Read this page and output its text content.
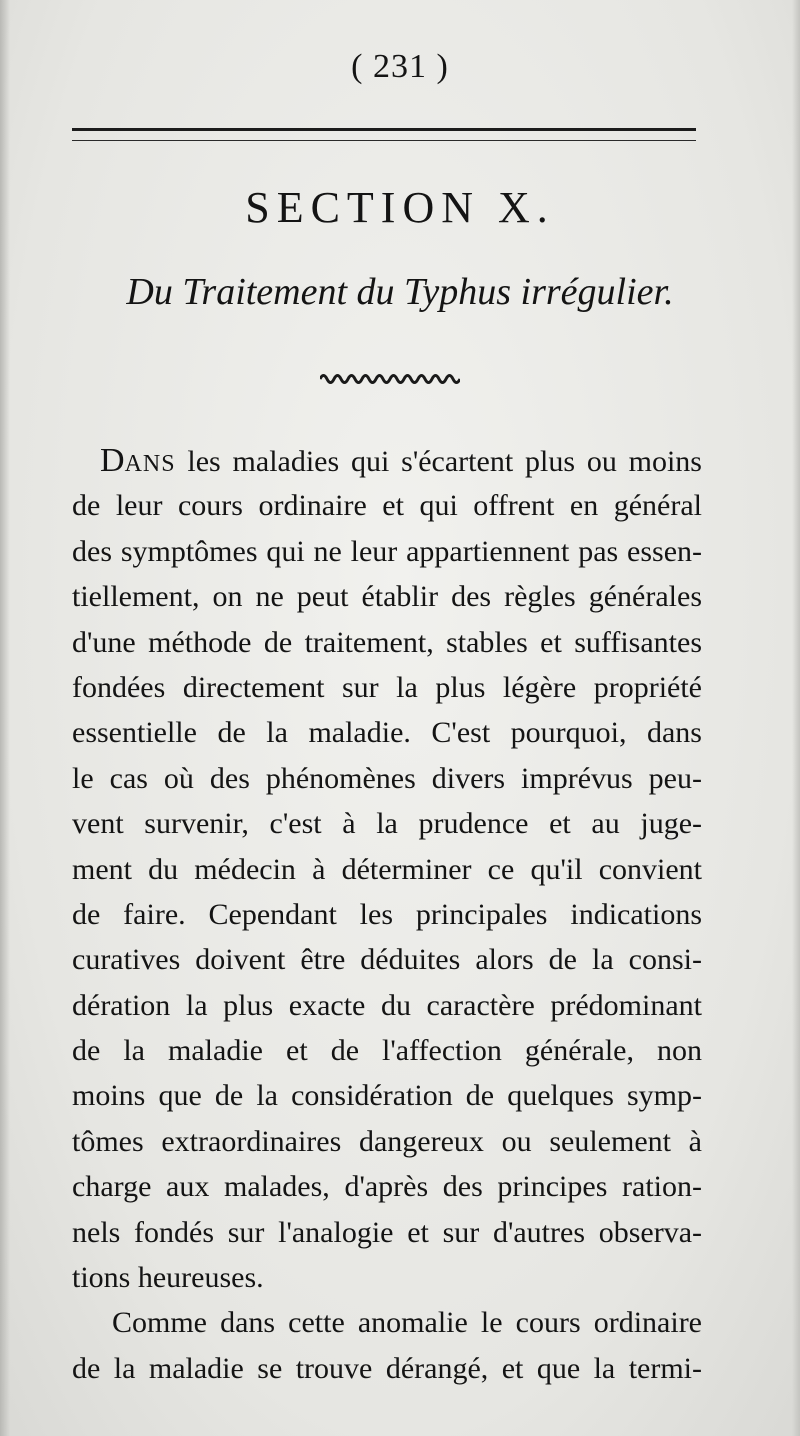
( 231 )
SECTION X.
Du Traitement du Typhus irrégulier.
DANS les maladies qui s'écartent plus ou moins
de leur cours ordinaire et qui offrent en général
des symptômes qui ne leur appartiennent pas essen-
tiellement, on ne peut établir des règles générales
d'une méthode de traitement, stables et suffisantes
fondées directement sur la plus légère propriété
essentielle de la maladie. C'est pourquoi, dans
le cas où des phénomènes divers imprévus peu-
vent survenir, c'est à la prudence et au juge-
ment du médecin à déterminer ce qu'il convient
de faire. Cependant les principales indications
curatives doivent être déduites alors de la consi-
dération la plus exacte du caractère prédominant
de la maladie et de l'affection générale, non
moins que de la considération de quelques symp-
tômes extraordinaires dangereux ou seulement à
charge aux malades, d'après des principes ration-
nels fondés sur l'analogie et sur d'autres observa-
tions heureuses.
Comme dans cette anomalie le cours ordinaire
de la maladie se trouve dérangé, et que la termi-
